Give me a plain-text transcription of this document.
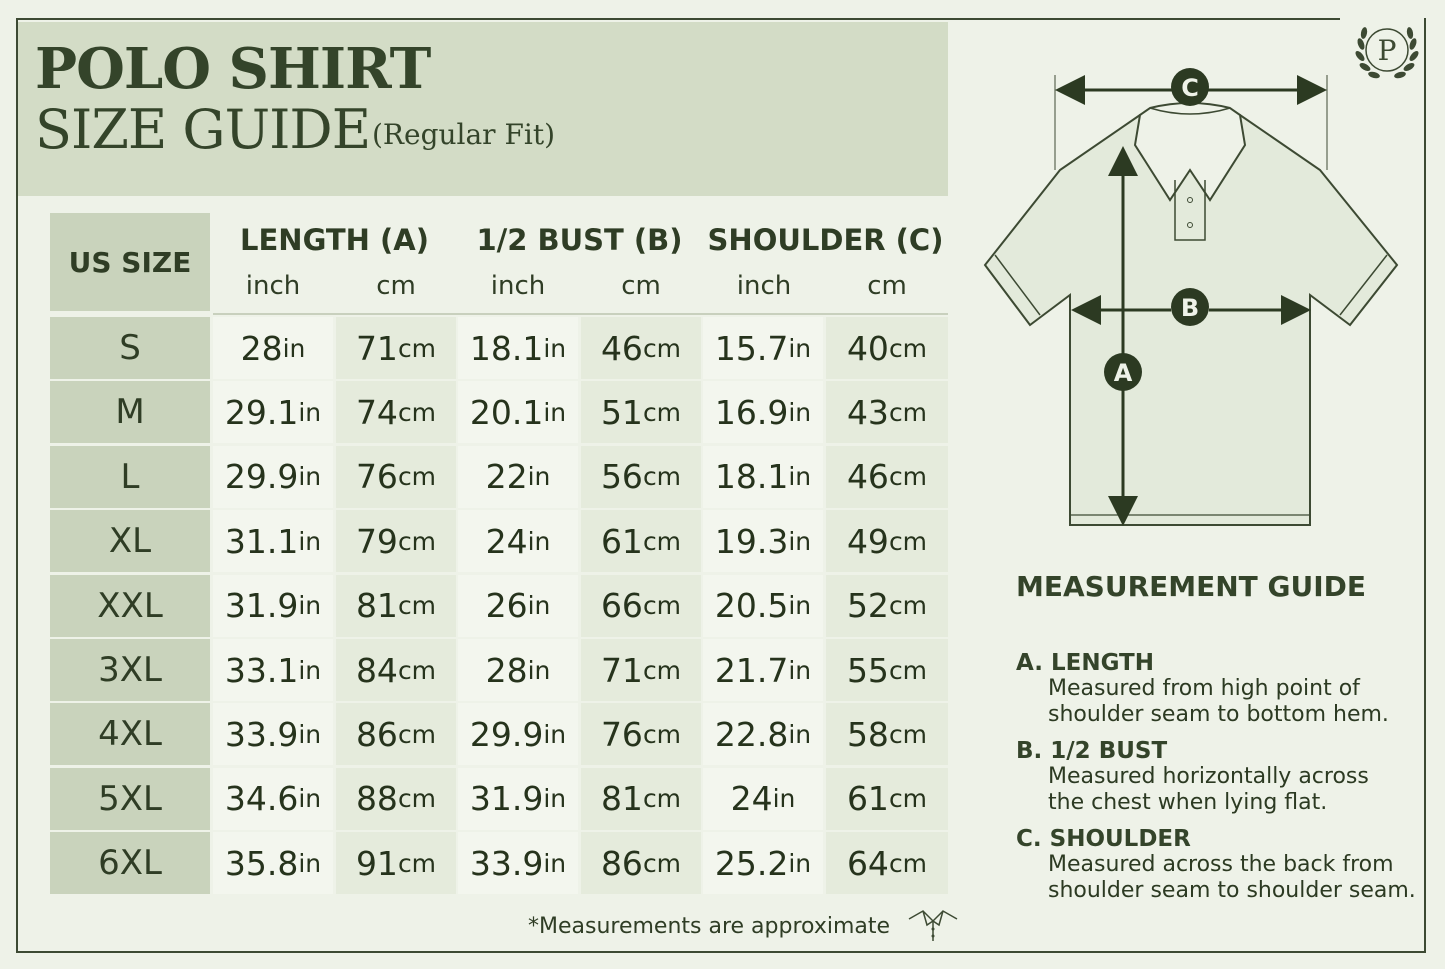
POLO SHIRT
SIZE GUIDE (Regular Fit)
P
US SIZE
LENGTH (A)	1/2 BUST (B) SHOULDER (C)
inch	cm	inch	cm	inch	cm
S	28 in 71 cm 18.1 in 46 cm 15.7 in 40 cm
M	29.1 in 74 cm 20.1 in 51 cm 16.9 in 43 cm
L	29.9 in 76 cm 22 in 56 cm 18.1 in 46 cm
XL	31.1 in 79 cm 24 in 61 cm 19.3 in 49 cm
XXL	31.9 in 81 cm 26 in 66 cm 20.5 in 52 cm
3XL	33.1 in 84 cm 28 in 71 cm 21.7 in 55 cm
4XL	33.9 in 86 cm 29.9 in 76 cm 22.8 in 58 cm
5XL	34.6 in 88 cm 31.9 in 81 cm 24 in 61 cm
6XL	35.8 in 91 cm 33.9 in 86 cm 25.2 in 64 cm
*Measurements are approximate
C
B
A
MEASUREMENT GUIDE
A. LENGTH
Measured from high point of
shoulder seam to bottom hem.
B. 1/2 BUST
Measured horizontally across
the chest when lying flat.
C. SHOULDER
Measured across the back from
shoulder seam to shoulder seam.
